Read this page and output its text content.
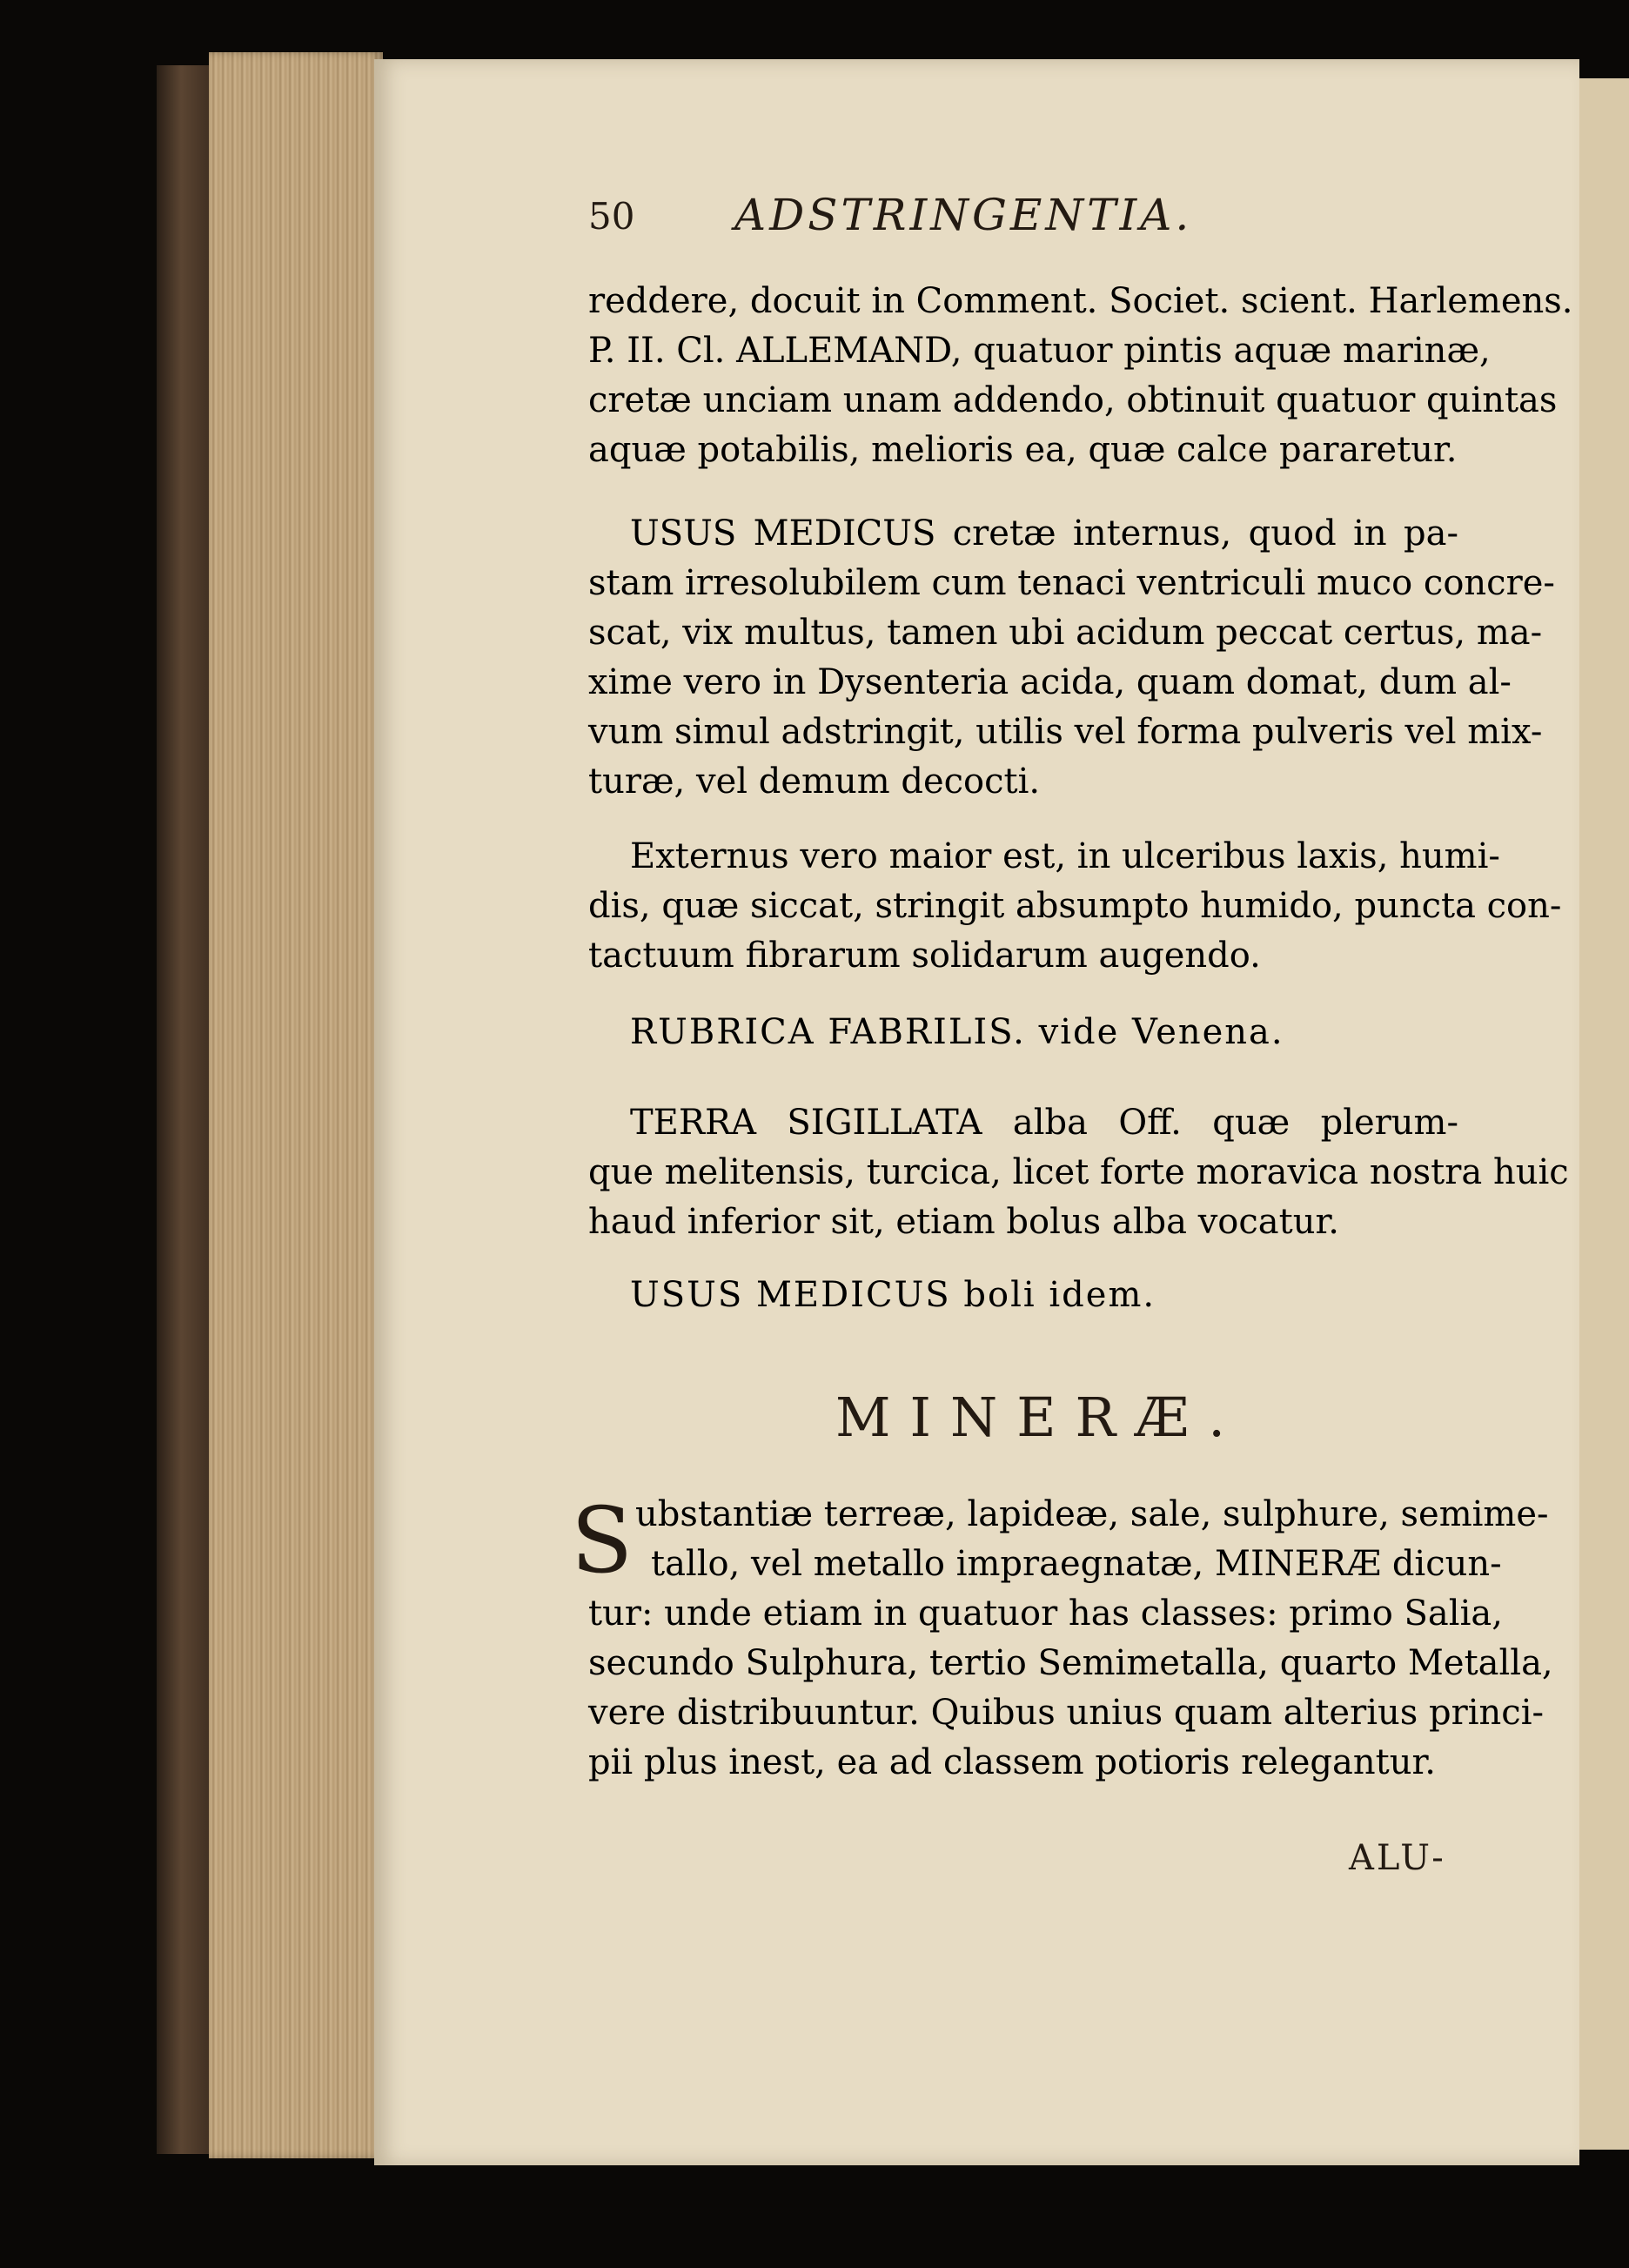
50 ADSTRINGENTIA.
reddere, docuit in Comment. Societ. scient. Harlemens.
P. II. Cl. ALLEMAND, quatuor pintis aquæ marinæ,
cretæ unciam unam addendo, obtinuit quatuor quintas
aquæ potabilis, melioris ea, quæ calce pararetur.
USUS MEDICUS cretæ internus, quod in pa-
stam irresolubilem cum tenaci ventriculi muco concre-
scat, vix multus, tamen ubi acidum peccat certus, ma-
xime vero in Dysenteria acida, quam domat, dum al-
vum simul adstringit, utilis vel forma pulveris vel mix-
turæ, vel demum decocti.
Externus vero maior est, in ulceribus laxis, humi-
dis, quæ siccat, stringit absumpto humido, puncta con-
tactuum fibrarum solidarum augendo.
RUBRICA FABRILIS. vide Venena.
TERRA SIGILLATA alba Off. quæ plerum-
que melitensis, turcica, licet forte moravica nostra huic
haud inferior sit, etiam bolus alba vocatur.
USUS MEDICUS boli idem.
MINERÆ.
S ubstantiæ terreæ, lapideæ, sale, sulphure, semime-
tallo, vel metallo impraegnatæ, MINERÆ dicun-
tur: unde etiam in quatuor has classes: primo Salia,
secundo Sulphura, tertio Semimetalla, quarto Metalla,
vere distribuuntur. Quibus unius quam alterius princi-
pii plus inest, ea ad classem potioris relegantur.
ALU-
